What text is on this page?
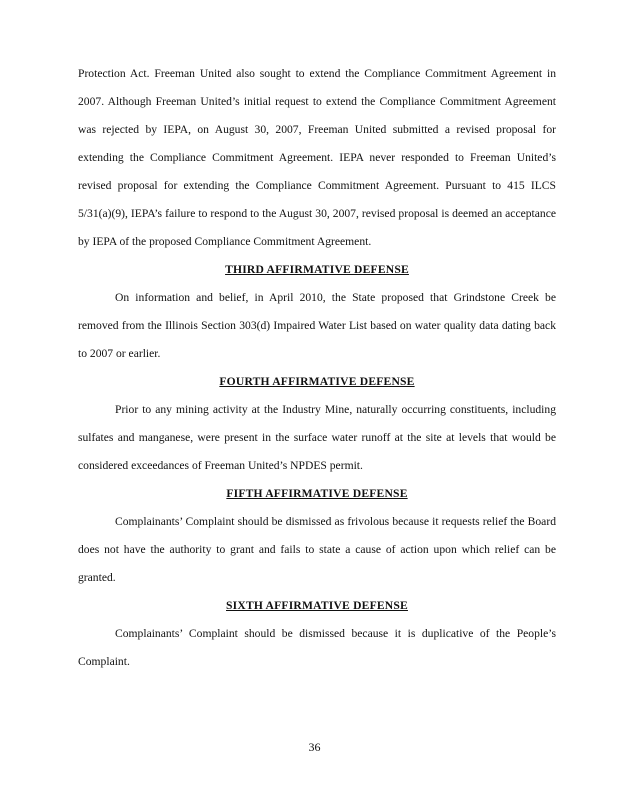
Protection Act. Freeman United also sought to extend the Compliance Commitment Agreement in 2007. Although Freeman United’s initial request to extend the Compliance Commitment Agreement was rejected by IEPA, on August 30, 2007, Freeman United submitted a revised proposal for extending the Compliance Commitment Agreement. IEPA never responded to Freeman United’s revised proposal for extending the Compliance Commitment Agreement. Pursuant to 415 ILCS 5/31(a)(9), IEPA’s failure to respond to the August 30, 2007, revised proposal is deemed an acceptance by IEPA of the proposed Compliance Commitment Agreement.

THIRD AFFIRMATIVE DEFENSE

On information and belief, in April 2010, the State proposed that Grindstone Creek be removed from the Illinois Section 303(d) Impaired Water List based on water quality data dating back to 2007 or earlier.

FOURTH AFFIRMATIVE DEFENSE

Prior to any mining activity at the Industry Mine, naturally occurring constituents, including sulfates and manganese, were present in the surface water runoff at the site at levels that would be considered exceedances of Freeman United’s NPDES permit.

FIFTH AFFIRMATIVE DEFENSE

Complainants’ Complaint should be dismissed as frivolous because it requests relief the Board does not have the authority to grant and fails to state a cause of action upon which relief can be granted.

SIXTH AFFIRMATIVE DEFENSE

Complainants’ Complaint should be dismissed because it is duplicative of the People’s Complaint.

36
